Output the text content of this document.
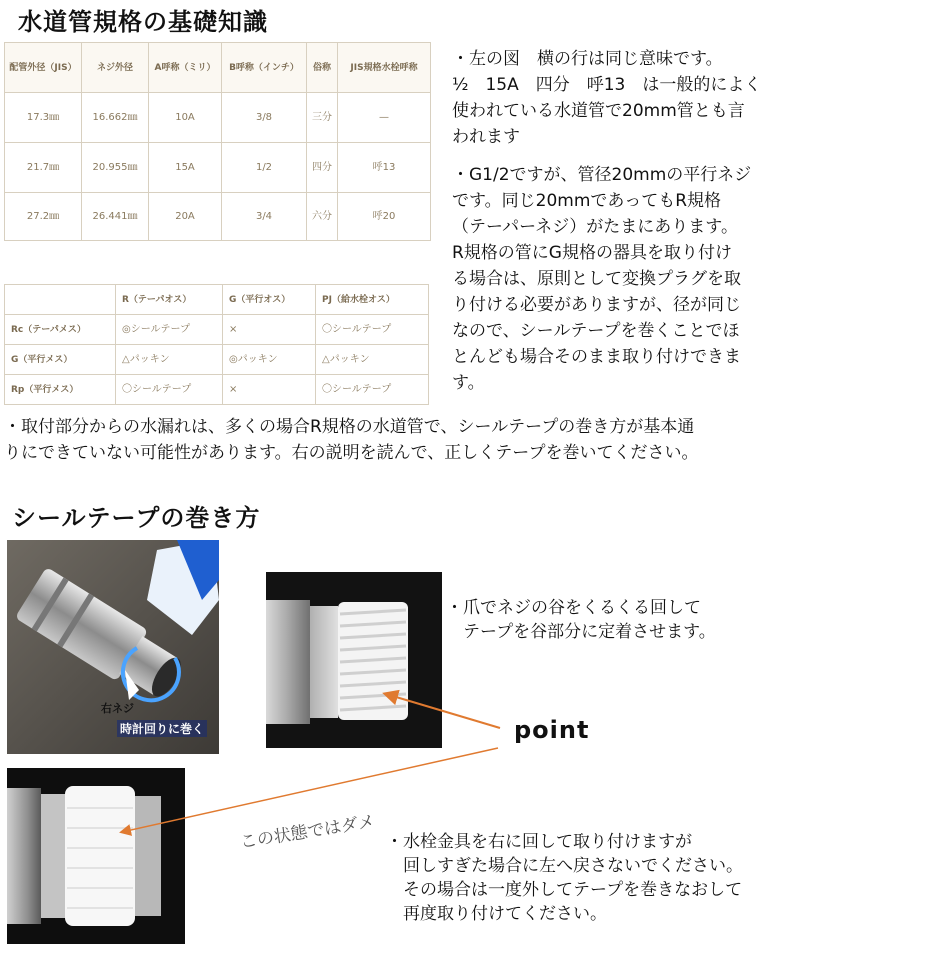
水道管規格の基礎知識
配管外径（JIS）	ネジ外径	A呼称（ミリ）	B呼称（インチ）	俗称	JIS規格水栓呼称
17.3㎜	16.662㎜	10A	3/8	三分	—
21.7㎜	20.955㎜	15A	1/2	四分	呼13
27.2㎜	26.441㎜	20A	3/4	六分	呼20
・左の図　横の行は同じ意味です。
½　15A　四分　呼13　は一般的によく
使われている水道管で20mm管とも言
われます
・G1/2ですが、管径20mmの平行ネジ
です。同じ20mmであってもR規格
（テーパーネジ）がたまにあります。
R規格の管にG規格の器具を取り付け
る場合は、原則として変換プラグを取
り付ける必要がありますが、径が同じ
なので、シールテープを巻くことでほ
とんども場合そのまま取り付けできま
す。
	R（テーパオス）	G（平行オス）	PJ（給水栓オス）
Rc（テーパメス）	◎シールテープ	×	〇シールテープ
G（平行メス）	△パッキン	◎パッキン	△パッキン
Rp（平行メス）	〇シールテープ	×	〇シールテープ
・取付部分からの水漏れは、多くの場合R規格の水道管で、シールテープの巻き方が基本通
りにできていない可能性があります。右の説明を読んで、正しくテープを巻いてください。
シールテープの巻き方
右ネジ
時計回りに巻く
・爪でネジの谷をくるくる回して
　テープを谷部分に定着させます。
point
この状態ではダメ ・水栓金具を右に回して取り付けますが
　回しすぎた場合に左へ戻さないでください。
　その場合は一度外してテープを巻きなおして
　再度取り付けてください。
